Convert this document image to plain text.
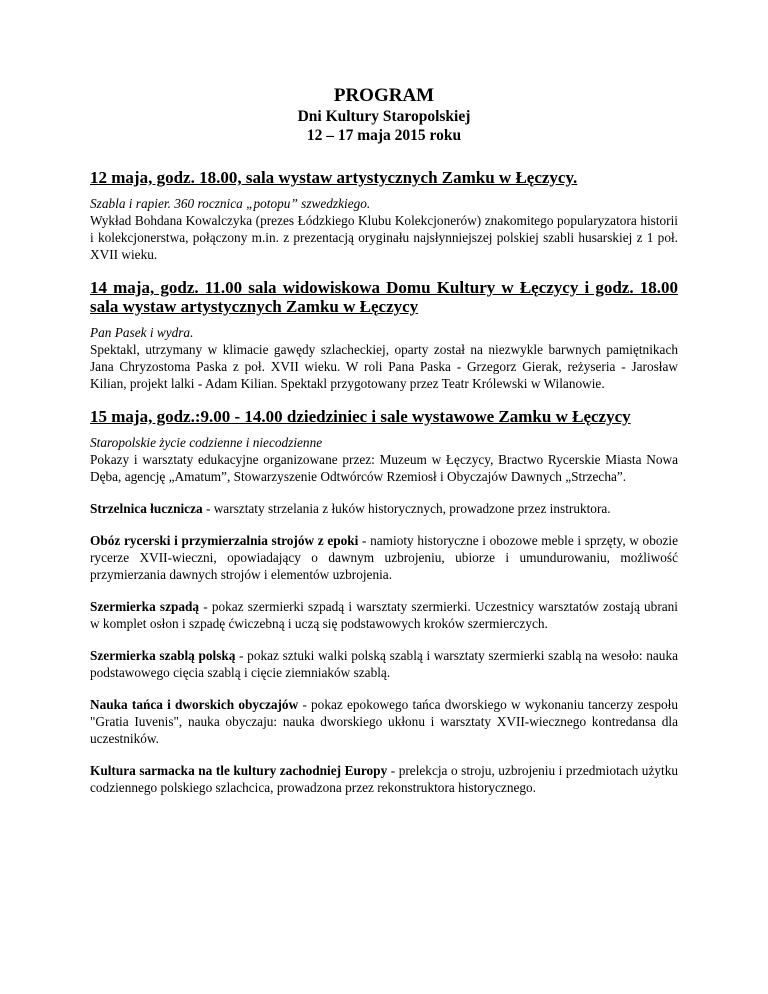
PROGRAM

Dni Kultury Staropolskiej

12 – 17 maja 2015 roku

12 maja, godz. 18.00, sala wystaw artystycznych Zamku w Łęczycy.

Szabla i rapier. 360 rocznica „potopu” szwedzkiego.
Wykład Bohdana Kowalczyka (prezes Łódzkiego Klubu Kolekcjonerów) znakomitego popularyzatora historii i kolekcjonerstwa, połączony m.in. z prezentacją oryginału najsłynniejszej polskiej szabli husarskiej z 1 poł. XVII wieku.

14 maja, godz. 11.00 sala widowiskowa Domu Kultury w Łęczycy i godz. 18.00 sala wystaw artystycznych Zamku w Łęczycy

Pan Pasek i wydra.
Spektakl, utrzymany w klimacie gawędy szlacheckiej, oparty został na niezwykle barwnych pamiętnikach Jana Chryzostoma Paska z poł. XVII wieku. W roli Pana Paska - Grzegorz Gierak, reżyseria - Jarosław Kilian, projekt lalki - Adam Kilian. Spektakl przygotowany przez Teatr Królewski w Wilanowie.

15 maja, godz.:9.00 - 14.00 dziedziniec i sale wystawowe Zamku w Łęczycy

Staropolskie życie codzienne i niecodzienne
Pokazy i warsztaty edukacyjne organizowane przez: Muzeum w Łęczycy, Bractwo Rycerskie Miasta Nowa Dęba, agencję „Amatum”, Stowarzyszenie Odtwórców Rzemiosł i Obyczajów Dawnych „Strzecha”.

Strzelnica łucznicza - warsztaty strzelania z łuków historycznych, prowadzone przez instruktora.

Obóz rycerski i przymierzalnia strojów z epoki - namioty historyczne i obozowe meble i sprzęty, w obozie rycerze XVII-wieczni, opowiadający o dawnym uzbrojeniu, ubiorze i umundurowaniu, możliwość przymierzania dawnych strojów i elementów uzbrojenia.

Szermierka szpadą - pokaz szermierki szpadą i warsztaty szermierki. Uczestnicy warsztatów zostają ubrani w komplet osłon i szpadę ćwiczebną i uczą się podstawowych kroków szermierczych.

Szermierka szablą polską - pokaz sztuki walki polską szablą i warsztaty szermierki szablą na wesoło: nauka podstawowego cięcia szablą i cięcie ziemniaków szablą.

Nauka tańca i dworskich obyczajów - pokaz epokowego tańca dworskiego w wykonaniu tancerzy zespołu "Gratia Iuvenis", nauka obyczaju: nauka dworskiego ukłonu i warsztaty XVII-wiecznego kontredansa dla uczestników.

Kultura sarmacka na tle kultury zachodniej Europy - prelekcja o stroju, uzbrojeniu i przedmiotach użytku codziennego polskiego szlachcica, prowadzona przez rekonstruktora historycznego.
